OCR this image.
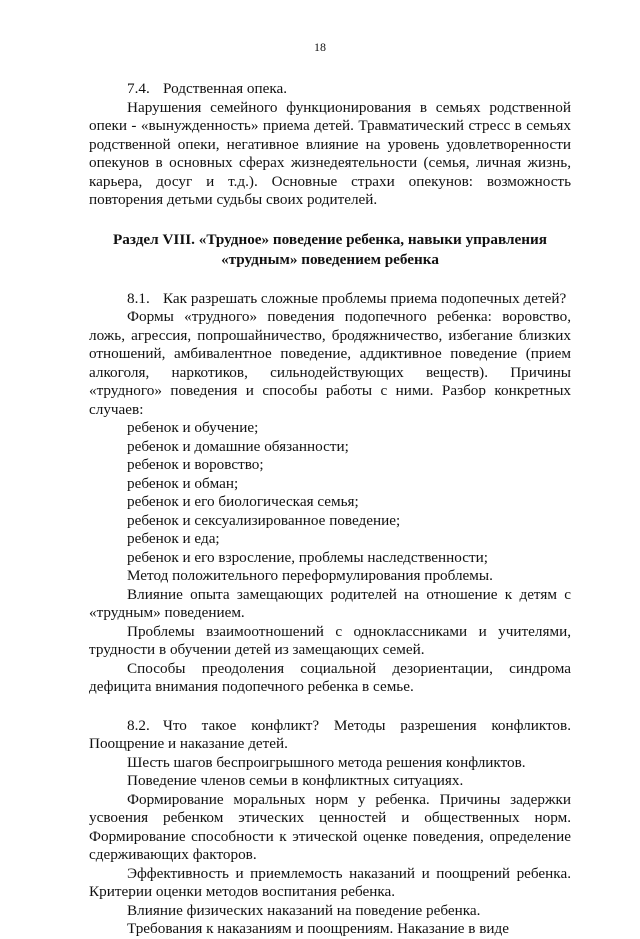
18

7.4. Родственная опека.

Нарушения семейного функционирования в семьях родственной опеки - «вынужденность» приема детей. Травматический стресс в семьях родственной опеки, негативное влияние на уровень удовлетворенности опекунов в основных сферах жизнедеятельности (семья, личная жизнь, карьера, досуг и т.д.). Основные страхи опекунов: возможность повторения детьми судьбы своих родителей.

Раздел VIII. «Трудное» поведение ребенка, навыки управления
«трудным» поведением ребенка

8.1. Как разрешать сложные проблемы приема подопечных детей?

Формы «трудного» поведения подопечного ребенка: воровство, ложь, агрессия, попрошайничество, бродяжничество, избегание близких отношений, амбивалентное поведение, аддиктивное поведение (прием алкоголя, наркотиков, сильнодействующих веществ). Причины «трудного» поведения и способы работы с ними. Разбор конкретных случаев:

ребенок и обучение;

ребенок и домашние обязанности;

ребенок и воровство;

ребенок и обман;

ребенок и его биологическая семья;

ребенок и сексуализированное поведение;

ребенок и еда;

ребенок и его взросление, проблемы наследственности;

Метод положительного переформулирования проблемы.

Влияние опыта замещающих родителей на отношение к детям с «трудным» поведением.

Проблемы взаимоотношений с одноклассниками и учителями, трудности в обучении детей из замещающих семей.

Способы преодоления социальной дезориентации, синдрома дефицита внимания подопечного ребенка в семье.

8.2. Что такое конфликт? Методы разрешения конфликтов. Поощрение и наказание детей.

Шесть шагов беспроигрышного метода решения конфликтов.

Поведение членов семьи в конфликтных ситуациях.

Формирование моральных норм у ребенка. Причины задержки усвоения ребенком этических ценностей и общественных норм. Формирование способности к этической оценке поведения, определение сдерживающих факторов.

Эффективность и приемлемость наказаний и поощрений ребенка. Критерии оценки методов воспитания ребенка.

Влияние физических наказаний на поведение ребенка.

Требования к наказаниям и поощрениям. Наказание в виде
